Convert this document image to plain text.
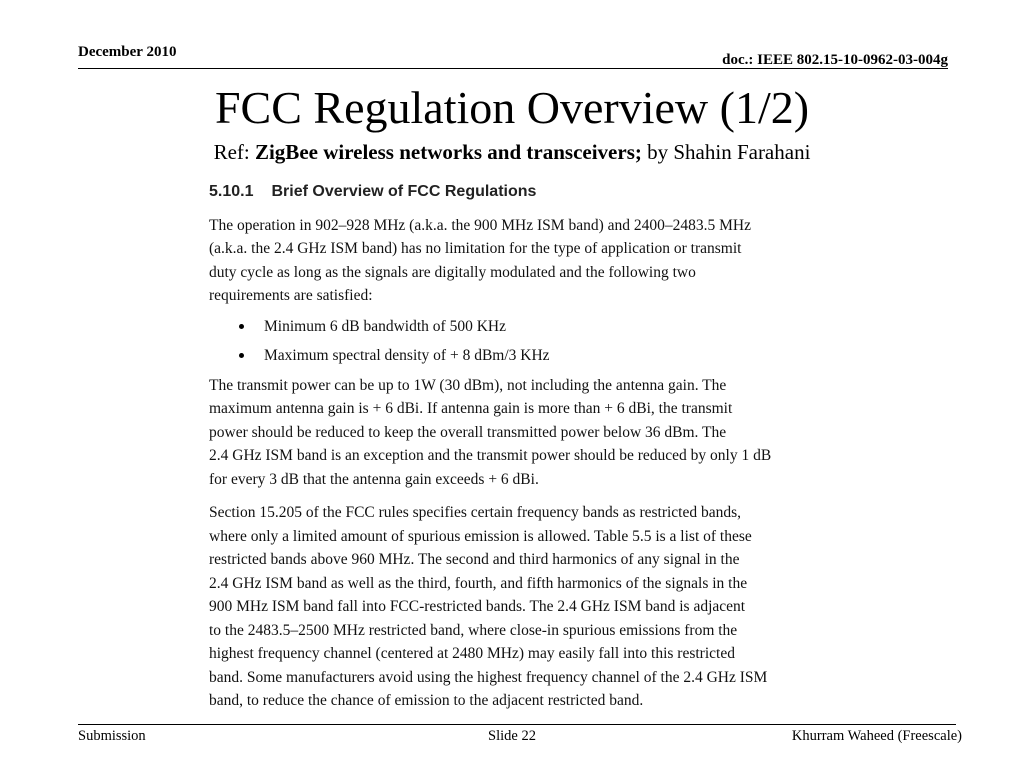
December 2010	doc.: IEEE 802.15-10-0962-03-004g
FCC Regulation Overview (1/2)
Ref: ZigBee wireless networks and transceivers; by Shahin Farahani
5.10.1 Brief Overview of FCC Regulations

The operation in 902–928 MHz (a.k.a. the 900 MHz ISM band) and 2400–2483.5 MHz
(a.k.a. the 2.4 GHz ISM band) has no limitation for the type of application or transmit
duty cycle as long as the signals are digitally modulated and the following two
requirements are satisfied:

Minimum 6 dB bandwidth of 500 KHz
Maximum spectral density of + 8 dBm/3 KHz

The transmit power can be up to 1W (30 dBm), not including the antenna gain. The
maximum antenna gain is + 6 dBi. If antenna gain is more than + 6 dBi, the transmit
power should be reduced to keep the overall transmitted power below 36 dBm. The
2.4 GHz ISM band is an exception and the transmit power should be reduced by only 1 dB
for every 3 dB that the antenna gain exceeds + 6 dBi.

Section 15.205 of the FCC rules specifies certain frequency bands as restricted bands,
where only a limited amount of spurious emission is allowed. Table 5.5 is a list of these
restricted bands above 960 MHz. The second and third harmonics of any signal in the
2.4 GHz ISM band as well as the third, fourth, and fifth harmonics of the signals in the
900 MHz ISM band fall into FCC-restricted bands. The 2.4 GHz ISM band is adjacent
to the 2483.5–2500 MHz restricted band, where close-in spurious emissions from the
highest frequency channel (centered at 2480 MHz) may easily fall into this restricted
band. Some manufacturers avoid using the highest frequency channel of the 2.4 GHz ISM
band, to reduce the chance of emission to the adjacent restricted band.

Submission	Slide 22	Khurram Waheed (Freescale)
